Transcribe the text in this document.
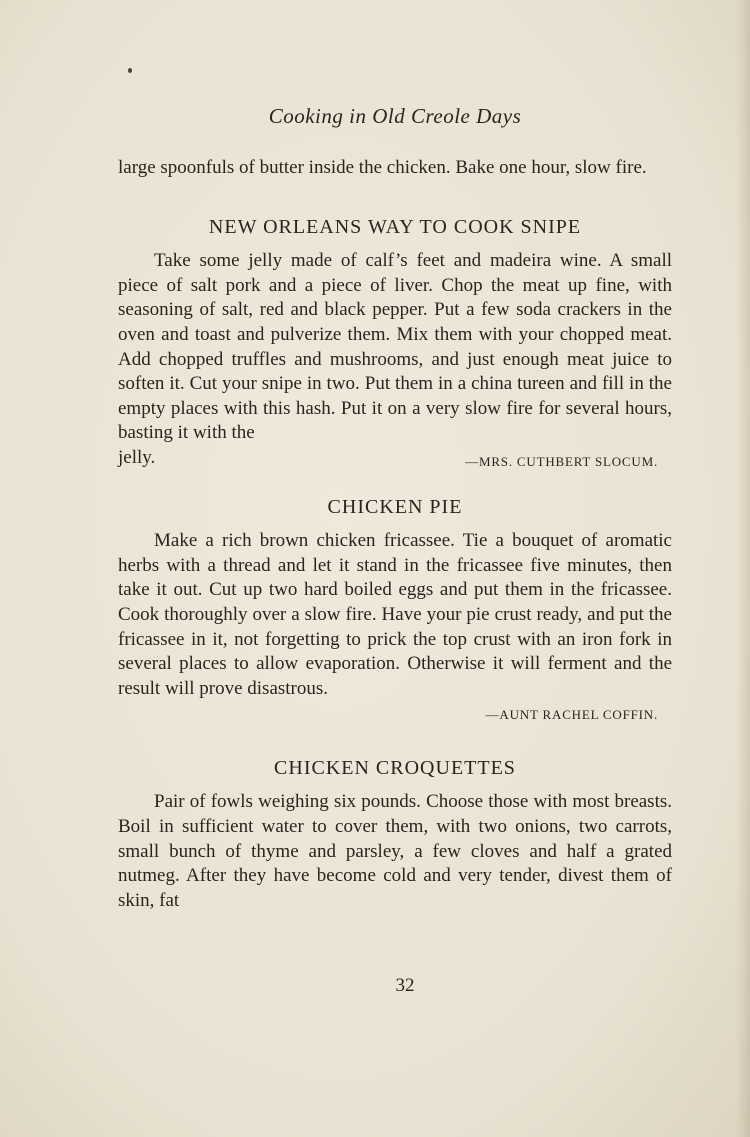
Cooking in Old Creole Days

large spoonfuls of butter inside the chicken. Bake one hour, slow fire.

NEW ORLEANS WAY TO COOK SNIPE

Take some jelly made of calf’s feet and madeira wine. A small piece of salt pork and a piece of liver. Chop the meat up fine, with seasoning of salt, red and black pepper. Put a few soda crackers in the oven and toast and pulverize them. Mix them with your chopped meat. Add chopped truffles and mushrooms, and just enough meat juice to soften it. Cut your snipe in two. Put them in a china tureen and fill in the empty places with this hash. Put it on a very slow fire for several hours, basting it with the

jelly.	—MRS. CUTHBERT SLOCUM.
CHICKEN PIE

Make a rich brown chicken fricassee. Tie a bouquet of aromatic herbs with a thread and let it stand in the fricassee five minutes, then take it out. Cut up two hard boiled eggs and put them in the fricassee. Cook thoroughly over a slow fire. Have your pie crust ready, and put the fricassee in it, not forgetting to prick the top crust with an iron fork in several places to allow evaporation. Otherwise it will ferment and the result will prove disastrous.

—AUNT RACHEL COFFIN.
CHICKEN CROQUETTES

Pair of fowls weighing six pounds. Choose those with most breasts. Boil in sufficient water to cover them, with two onions, two carrots, small bunch of thyme and parsley, a few cloves and half a grated nutmeg. After they have become cold and very tender, divest them of skin, fat

32
